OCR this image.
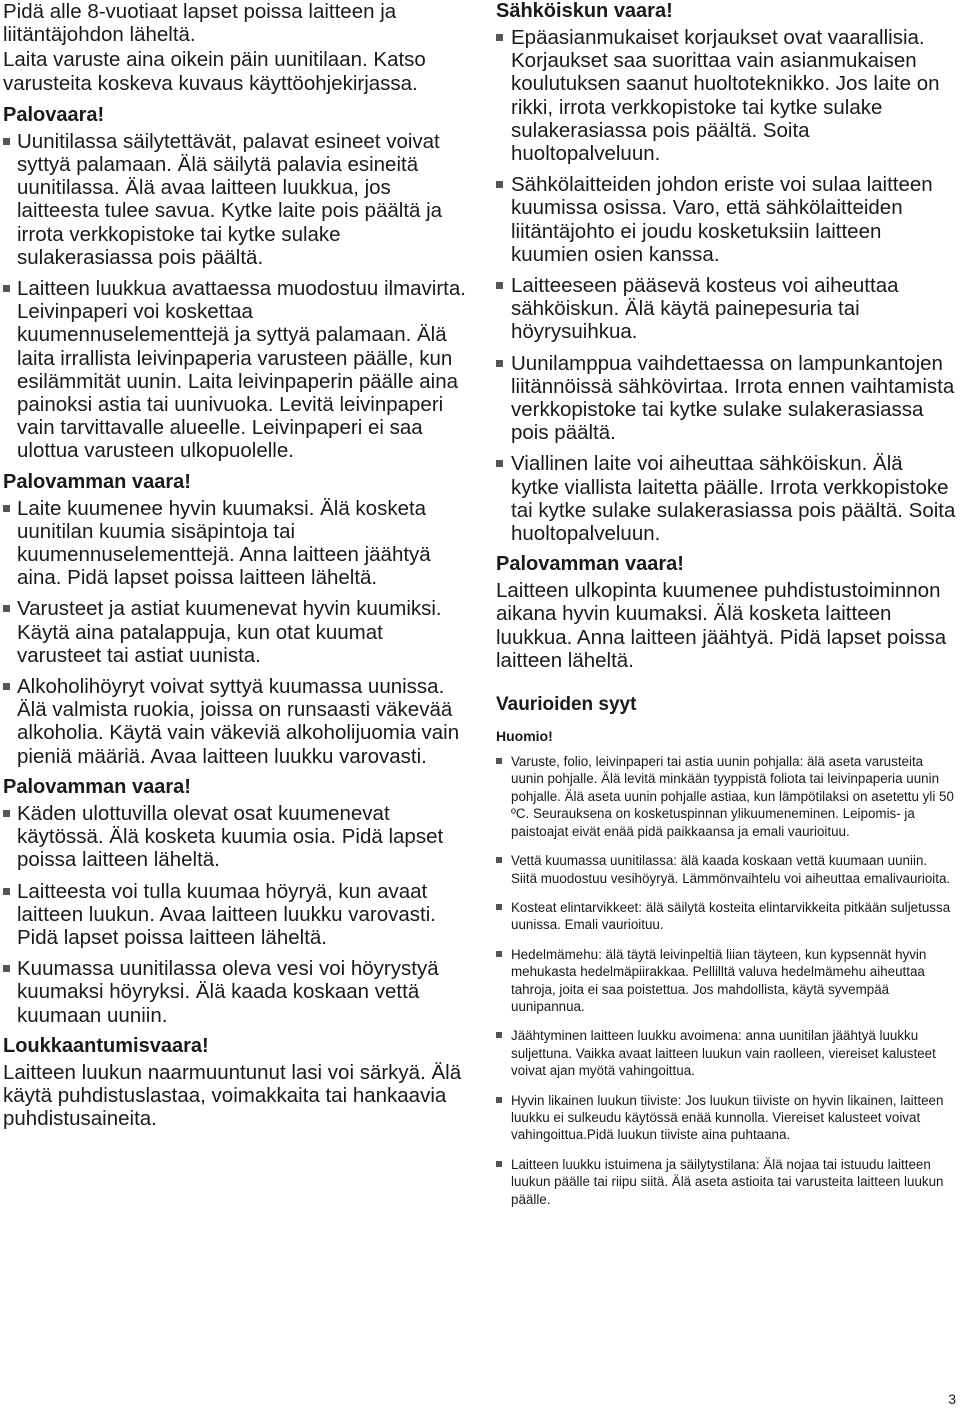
Pidä alle 8-vuotiaat lapset poissa laitteen ja liitäntäjohdon läheltä.

Laita varuste aina oikein päin uunitilaan. Katso varusteita koskeva kuvaus käyttöohjekirjassa.

Palovaara!
Uunitilassa säilytettävät, palavat esineet voivat syttyä palamaan. Älä säilytä palavia esineitä uunitilassa. Älä avaa laitteen luukkua, jos laitteesta tulee savua. Kytke laite pois päältä ja irrota verkkopistoke tai kytke sulake sulakerasiassa pois päältä.
Laitteen luukkua avattaessa muodostuu ilmavirta. Leivinpaperi voi koskettaa kuumennuselementtejä ja syttyä palamaan. Älä laita irrallista leivinpaperia varusteen päälle, kun esilämmität uunin. Laita leivinpaperin päälle aina painoksi astia tai uunivuoka. Levitä leivinpaperi vain tarvittavalle alueelle. Leivinpaperi ei saa ulottua varusteen ulkopuolelle.
Palovamman vaara!
Laite kuumenee hyvin kuumaksi. Älä kosketa uunitilan kuumia sisäpintoja tai kuumennuselementtejä. Anna laitteen jäähtyä aina. Pidä lapset poissa laitteen läheltä.
Varusteet ja astiat kuumenevat hyvin kuumiksi. Käytä aina patalappuja, kun otat kuumat varusteet tai astiat uunista.
Alkoholihöyryt voivat syttyä kuumassa uunissa. Älä valmista ruokia, joissa on runsaasti väkevää alkoholia. Käytä vain väkeviä alkoholijuomia vain pieniä määriä. Avaa laitteen luukku varovasti.
Palovamman vaara!
Käden ulottuvilla olevat osat kuumenevat käytössä. Älä kosketa kuumia osia. Pidä lapset poissa laitteen läheltä.
Laitteesta voi tulla kuumaa höyryä, kun avaat laitteen luukun. Avaa laitteen luukku varovasti. Pidä lapset poissa laitteen läheltä.
Kuumassa uunitilassa oleva vesi voi höyrystyä kuumaksi höyryksi. Älä kaada koskaan vettä kuumaan uuniin.
Loukkaantumisvaara!

Laitteen luukun naarmuuntunut lasi voi särkyä. Älä käytä puhdistuslastaa, voimakkaita tai hankaavia puhdistusaineita.

Sähköiskun vaara!
Epäasianmukaiset korjaukset ovat vaarallisia. Korjaukset saa suorittaa vain asianmukaisen koulutuksen saanut huoltoteknikko. Jos laite on rikki, irrota verkkopistoke tai kytke sulake sulakerasiassa pois päältä. Soita huoltopalveluun.
Sähkölaitteiden johdon eriste voi sulaa laitteen kuumissa osissa. Varo, että sähkölaitteiden liitäntäjohto ei joudu kosketuksiin laitteen kuumien osien kanssa.
Laitteeseen pääsevä kosteus voi aiheuttaa sähköiskun. Älä käytä painepesuria tai höyrysuihkua.
Uunilamppua vaihdettaessa on lampunkantojen liitännöissä sähkövirtaa. Irrota ennen vaihtamista verkkopistoke tai kytke sulake sulakerasiassa pois päältä.
Viallinen laite voi aiheuttaa sähköiskun. Älä kytke viallista laitetta päälle. Irrota verkkopistoke tai kytke sulake sulakerasiassa pois päältä. Soita huoltopalveluun.
Palovamman vaara!

Laitteen ulkopinta kuumenee puhdistustoiminnon aikana hyvin kuumaksi. Älä kosketa laitteen luukkua. Anna laitteen jäähtyä. Pidä lapset poissa laitteen läheltä.

Vaurioiden syyt

Huomio!

Varuste, folio, leivinpaperi tai astia uunin pohjalla: älä aseta varusteita uunin pohjalle. Älä levitä minkään tyyppistä foliota tai leivinpaperia uunin pohjalle. Älä aseta uunin pohjalle astiaa, kun lämpötilaksi on asetettu yli 50 ºC. Seurauksena on kosketuspinnan ylikuumeneminen. Leipomis- ja paistoajat eivät enää pidä paikkaansa ja emali vaurioituu.
Vettä kuumassa uunitilassa: älä kaada koskaan vettä kuumaan uuniin. Siitä muodostuu vesihöyryä. Lämmönvaihtelu voi aiheuttaa emalivaurioita.
Kosteat elintarvikkeet: älä säilytä kosteita elintarvikkeita pitkään suljetussa uunissa. Emali vaurioituu.
Hedelmämehu: älä täytä leivinpeltiä liian täyteen, kun kypsennät hyvin mehukasta hedelmäpiirakkaa. Pellilltä valuva hedelmämehu aiheuttaa tahroja, joita ei saa poistettua. Jos mahdollista, käytä syvempää uunipannua.
Jäähtyminen laitteen luukku avoimena: anna uunitilan jäähtyä luukku suljettuna. Vaikka avaat laitteen luukun vain raolleen, viereiset kalusteet voivat ajan myötä vahingoittua.
Hyvin likainen luukun tiiviste: Jos luukun tiiviste on hyvin likainen, laitteen luukku ei sulkeudu käytössä enää kunnolla. Viereiset kalusteet voivat vahingoittua.Pidä luukun tiiviste aina puhtaana.
Laitteen luukku istuimena ja säilytystilana: Älä nojaa tai istuudu laitteen luukun päälle tai riipu siitä. Älä aseta astioita tai varusteita laitteen luukun päälle.
3
